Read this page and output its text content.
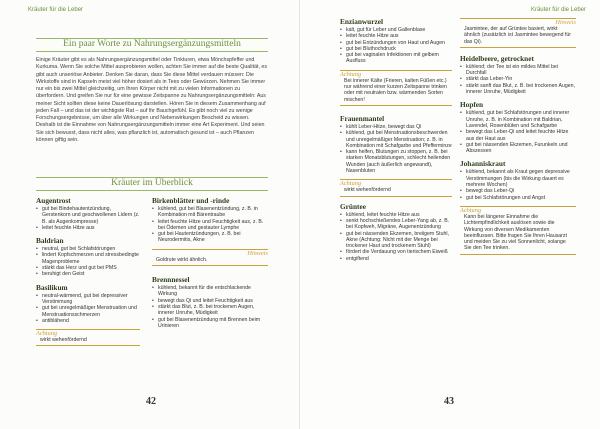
Kräuter für die Leber
Ein paar Worte zu Nahrungsergänzungsmitteln
Einige Kräuter gibt es als Nahrungsergänzungsmittel oder Tinkturen, etwa Mönchspfeffer und Kurkuma. Wenn Sie solche Mittel ausprobieren wollen, achten Sie immer auf die beste Qualität, es gibt auch unseriöse Anbieter. Denken Sie daran, dass Sie diese Mittel verdauen müssen: Die Wirkstoffe sind in Kapseln meist viel höher dosiert als in Tees oder Gewürzen. Nehmen Sie immer nur ein bis zwei Mittel gleichzeitig, um Ihren Körper nicht mit zu vielen Informationen zu überfordern. Und greifen Sie nur für eine gewisse Zeitspanne zu Nahrungsergänzungsmitteln: Aus meiner Sicht sollten diese keine Dauerlösung darstellen. Hören Sie in diesem Zusammenhang auf jeden Fall – und das ist der wichtigste Rat – auf Ihr Bauchgefühl. Es gibt noch viel zu wenige Forschungsergebnisse, um über alle Wirkungen und Nebenwirkungen Bescheid zu wissen. Deshalb ist die Einnahme von Nahrungsergänzungsmitteln immer eine Art Experiment. Und seien Sie sich bewusst, dass nicht alles, was pflanzlich ist, automatisch gesund ist – auch Pflanzen können giftig sein.
Kräuter im Überblick
Augentrost
• gut bei Bindehautentzündung, Gerstenkorn und geschwollenen Lidern (z. B. als Augenkompresse)
• leitet feuchte Hitze aus
Baldrian
• neutral, gut bei Schlafstörungen
• lindert Kopfschmerzen und stressbedingte Magenprobleme
• stärkt das Herz und gut bei PMS
• beruhigt den Geist
Basilikum
• neutral-wärmend, gut bei depressiver Verstimmung
• gut bei unregelmäßiger Menstruation und Menstruationsschmerzen
• antiblähend
Achtung
wirkt wehenfördernd
Birkenblätter und -rinde
• kühlend, gut bei Blasenentzündung, z. B. in Kombination mit Bärentraube
• leitet feuchte Hitze und Feuchtigkeit aus, z. B. bei Ödemen und gestauter Lymphe
• gut bei Hautentzündungen, z. B. bei Neurodermitis, Akne
Hinweis
Goldrute wirkt ähnlich.
Brennnessel
• kühlend, bekannt für die entschlackende Wirkung
• bewegt das Qi und leitet Feuchtigkeit aus
• stärkt das Blut, z. B. bei trockenen Augen, innerer Unruhe, Müdigkeit
• gut bei Blasenentzündung mit Brennen beim Urinieren
42
Kräuter für die Leber
Enzianwurzel
• kalt, gut für Leber und Gallenblase
• leitet feuchte Hitze aus
• gut bei Entzündungen von Haut und Augen
• gut bei Bluthochdruck
• gut bei vaginalen Infektionen mit gelbem Ausfluss
Achtung
Bei innerer Kälte (Frieren, kalten Füßen etc.) nur während einer kurzen Zeitspanne trinken oder mit neutralen bzw. wärmenden Sorten mischen!
Frauenmantel
• kühlt Leber-Hitze, bewegt das Qi
• kühlend, gut bei Menstruationsbeschwerden und unregelmäßiger Menstruation; z. B. in Kombination mit Schafgarbe und Pfefferminze
• kann helfen, Blutungen zu stoppen, z. B. bei starken Monatsblutungen, schlecht heilenden Wunden (auch äußerlich angewandt), Nasenbluten
Achtung
wirkt wehenfördernd
Grüntee
• kühlend, leitet feuchte Hitze aus
• senkt hochschießendes Leber-Yang ab, z. B. bei Kopfweh, Migräne, Augenentzündung
• gut bei nässenden Ekzemen, breiigem Stuhl, Akne (Achtung: Nicht mit der Menge bei trockener Haut und trockenem Stuhl)
• fördert die Verdauung von tierischem Eiweiß
• entgiftend
Hinweis
Jasmintee, der auf Grüntee basiert, wirkt ähnlich (zusätzlich ist Jasmintee bewegend für das Qi).
Heidelbeere, getrocknet
• kühlend; der Tee ist ein mildes Mittel bei Durchfall
• stärkt das Leber-Yin
• stärkt sanft das Blut, z. B. bei trockenen Augen, innerer Unruhe, Müdigkeit
Hopfen
• kühlend, gut bei Schlafstörungen und innerer Unruhe, z. B. in Kombination mit Baldrian, Lavendel, Rosenblüten und Schafgarbe
• bewegt das Leber-Qi und leitet feuchte Hitze aus der Haut aus
• gut bei nässenden Ekzemen, Furunkeln und Abszessen
Johanniskraut
• kühlend, bekannt als Kraut gegen depressive Verstimmungen (bis die Wirkung dauert es mehrere Wochen)
• bewegt das Leber-Qi
• gut bei Schlafstörungen und Angst
Achtung
Kann bei längerer Einnahme die Lichtempfindlichkeit auslösen sowie die Wirkung von diversen Medikamenten beeinflussen. Bitte fragen Sie Ihren Hausarzt und meiden Sie zu viel Sonnenlicht, solange Sie den Tee trinken.
43
